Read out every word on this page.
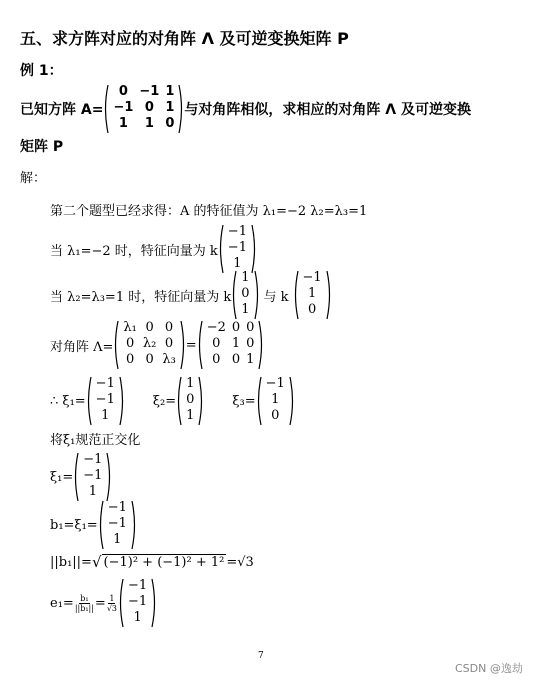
五、求方阵对应的对角阵 Λ 及可逆变换矩阵 P
例 1：
已知方阵 A=
0	−1	1
−1	0	1
1	1	0
与对角阵相似，求相应的对角阵 Λ 及可逆变换
矩阵 P
解：
第二个题型已经求得：A 的特征值为 λ₁=−2 λ₂=λ₃=1
当 λ₁=−2 时，特征向量为 k
−1
−1
1
当 λ₂=λ₃=1 时，特征向量为 k
1
0
1
与 k
−1
1
0
对角阵 Λ=
λ₁	0	0
0	λ₂	0
0	0	λ₃
=
−2	0	0
0	1	0
0	0	1
∴ ξ₁=
−1
−1
1
ξ₂=
1
0
1
ξ₃=
−1
1
0
将ξ₁规范正交化
ξ₁=
−1
−1
1
b₁=ξ₁=
−1
−1
1
||b₁||= √ (−1)² + (−1)² + 1² =√3
$e_1= \frac{\text{b₁}}{\text{||b₁||}} = \frac{1}{√3}$
−1
−1
1
7
CSDN @逸劫
